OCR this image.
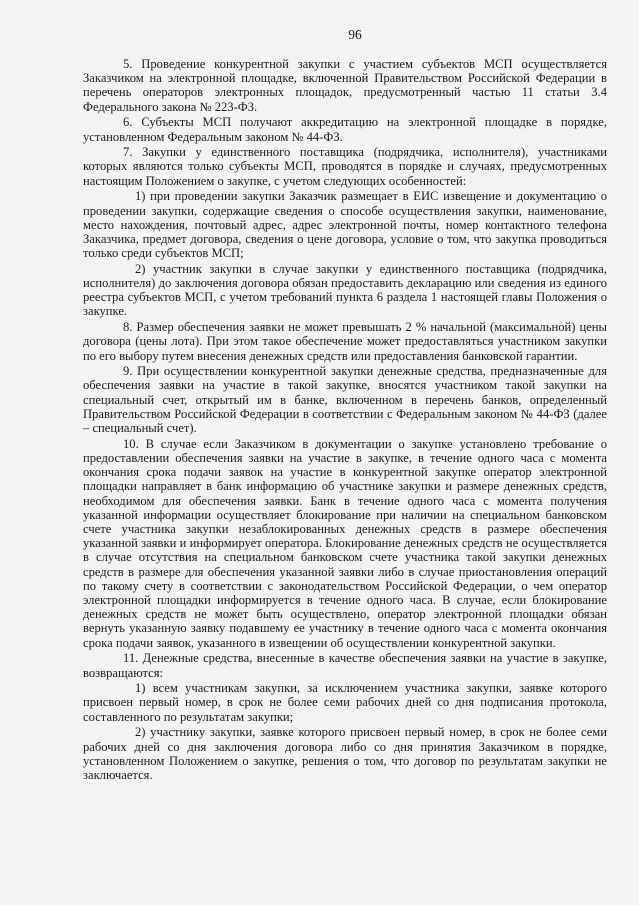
96

5. Проведение конкурентной закупки с участием субъектов МСП осуществляется Заказчиком на электронной площадке, включенной Правительством Российской Федерации в перечень операторов электронных площадок, предусмотренный частью 11 статьи 3.4 Федерального закона № 223-ФЗ.

6. Субъекты МСП получают аккредитацию на электронной площадке в порядке, установленном Федеральным законом № 44-ФЗ.

7. Закупки у единственного поставщика (подрядчика, исполнителя), участниками которых являются только субъекты МСП, проводятся в порядке и случаях, предусмотренных настоящим Положением о закупке, с учетом следующих особенностей:

1) при проведении закупки Заказчик размещает в ЕИС извещение и документацию о проведении закупки, содержащие сведения о способе осуществления закупки, наименование, место нахождения, почтовый адрес, адрес электронной почты, номер контактного телефона Заказчика, предмет договора, сведения о цене договора, условие о том, что закупка проводиться только среди субъектов МСП;

2) участник закупки в случае закупки у единственного поставщика (подрядчика, исполнителя) до заключения договора обязан предоставить декларацию или сведения из единого реестра субъектов МСП, с учетом требований пункта 6 раздела 1 настоящей главы Положения о закупке.

8. Размер обеспечения заявки не может превышать 2 % начальной (максимальной) цены договора (цены лота). При этом такое обеспечение может предоставляться участником закупки по его выбору путем внесения денежных средств или предоставления банковской гарантии.

9. При осуществлении конкурентной закупки денежные средства, предназначенные для обеспечения заявки на участие в такой закупке, вносятся участником такой закупки на специальный счет, открытый им в банке, включенном в перечень банков, определенный Правительством Российской Федерации в соответствии с Федеральным законом № 44-ФЗ (далее – специальный счет).

10. В случае если Заказчиком в документации о закупке установлено требование о предоставлении обеспечения заявки на участие в закупке, в течение одного часа с момента окончания срока подачи заявок на участие в конкурентной закупке оператор электронной площадки направляет в банк информацию об участнике закупки и размере денежных средств, необходимом для обеспечения заявки. Банк в течение одного часа с момента получения указанной информации осуществляет блокирование при наличии на специальном банковском счете участника закупки незаблокированных денежных средств в размере обеспечения указанной заявки и информирует оператора. Блокирование денежных средств не осуществляется в случае отсутствия на специальном банковском счете участника такой закупки денежных средств в размере для обеспечения указанной заявки либо в случае приостановления операций по такому счету в соответствии с законодательством Российской Федерации, о чем оператор электронной площадки информируется в течение одного часа. В случае, если блокирование денежных средств не может быть осуществлено, оператор электронной площадки обязан вернуть указанную заявку подавшему ее участнику в течение одного часа с момента окончания срока подачи заявок, указанного в извещении об осуществлении конкурентной закупки.

11. Денежные средства, внесенные в качестве обеспечения заявки на участие в закупке, возвращаются:

1) всем участникам закупки, за исключением участника закупки, заявке которого присвоен первый номер, в срок не более семи рабочих дней со дня подписания протокола, составленного по результатам закупки;

2) участнику закупки, заявке которого присвоен первый номер, в срок не более семи рабочих дней со дня заключения договора либо со дня принятия Заказчиком в порядке, установленном Положением о закупке, решения о том, что договор по результатам закупки не заключается.
